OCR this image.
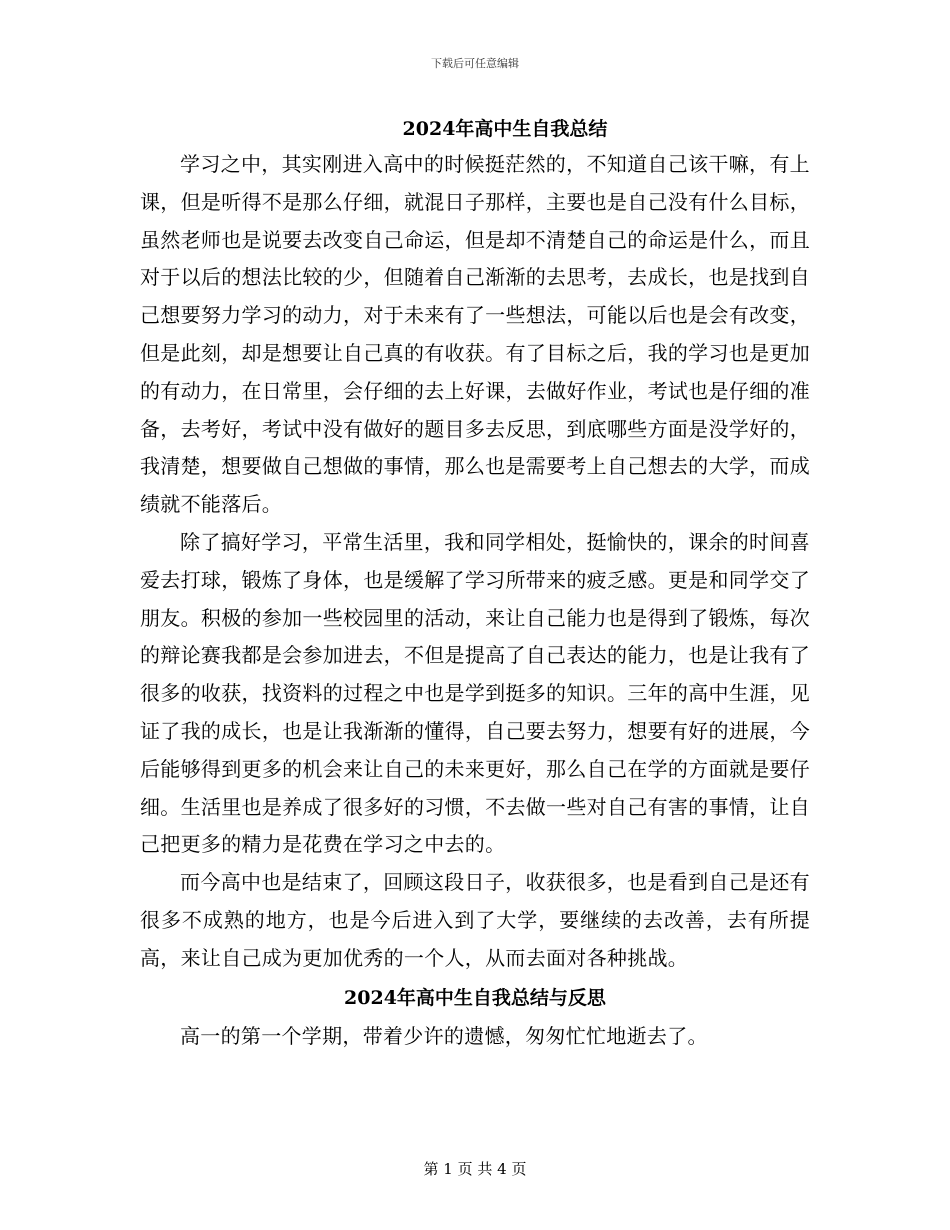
下载后可任意编辑
2024年高中生自我总结

学习之中，其实刚进入高中的时候挺茫然的，不知道自己该干嘛，有上课，但是听得不是那么仔细，就混日子那样，主要也是自己没有什么目标，虽然老师也是说要去改变自己命运，但是却不清楚自己的命运是什么，而且对于以后的想法比较的少，但随着自己渐渐的去思考，去成长，也是找到自己想要努力学习的动力，对于未来有了一些想法，可能以后也是会有改变，但是此刻，却是想要让自己真的有收获。有了目标之后，我的学习也是更加的有动力，在日常里，会仔细的去上好课，去做好作业，考试也是仔细的准备，去考好，考试中没有做好的题目多去反思，到底哪些方面是没学好的，我清楚，想要做自己想做的事情，那么也是需要考上自己想去的大学，而成绩就不能落后。

除了搞好学习，平常生活里，我和同学相处，挺愉快的，课余的时间喜爱去打球，锻炼了身体，也是缓解了学习所带来的疲乏感。更是和同学交了朋友。积极的参加一些校园里的活动，来让自己能力也是得到了锻炼，每次的辩论赛我都是会参加进去，不但是提高了自己表达的能力，也是让我有了很多的收获，找资料的过程之中也是学到挺多的知识。三年的高中生涯，见证了我的成长，也是让我渐渐的懂得，自己要去努力，想要有好的进展，今后能够得到更多的机会来让自己的未来更好，那么自己在学的方面就是要仔细。生活里也是养成了很多好的习惯，不去做一些对自己有害的事情，让自己把更多的精力是花费在学习之中去的。

而今高中也是结束了，回顾这段日子，收获很多，也是看到自己是还有很多不成熟的地方，也是今后进入到了大学，要继续的去改善，去有所提高，来让自己成为更加优秀的一个人，从而去面对各种挑战。

2024年高中生自我总结与反思

高一的第一个学期，带着少许的遗憾，匆匆忙忙地逝去了。

第 1 页 共 4 页
